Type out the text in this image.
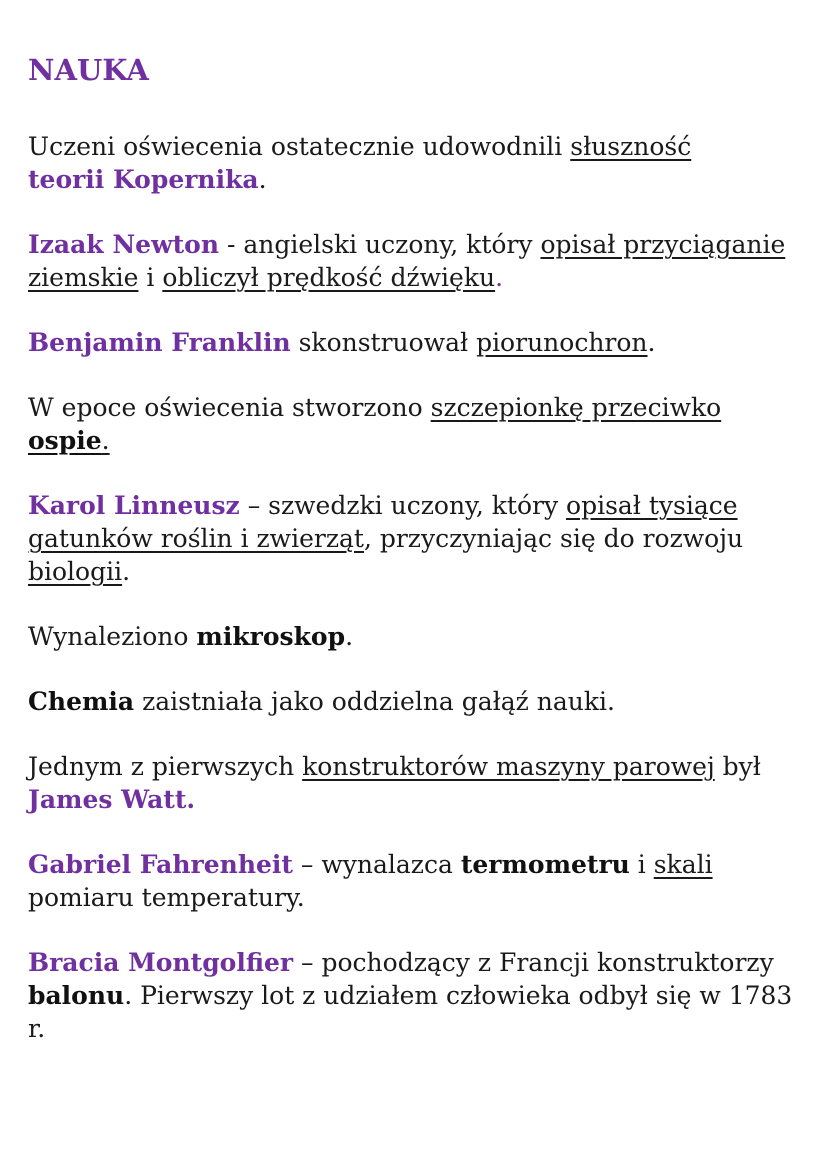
NAUKA
Uczeni oświecenia ostatecznie udowodnili słuszność
teorii Kopernika.
Izaak Newton - angielski uczony, który opisał przyciąganie ziemskie i obliczył prędkość dźwięku.
Benjamin Franklin skonstruował piorunochron.
W epoce oświecenia stworzono szczepionkę przeciwko
ospie.
Karol Linneusz – szwedzki uczony, który opisał tysiące gatunków roślin i zwierząt, przyczyniając się do rozwoju biologii.
Wynaleziono mikroskop.
Chemia zaistniała jako oddzielna gałąź nauki.
Jednym z pierwszych konstruktorów maszyny parowej był James Watt.
Gabriel Fahrenheit – wynalazca termometru i skali pomiaru temperatury.
Bracia Montgolfier – pochodzący z Francji konstruktorzy balonu. Pierwszy lot z udziałem człowieka odbył się w 1783 r.
